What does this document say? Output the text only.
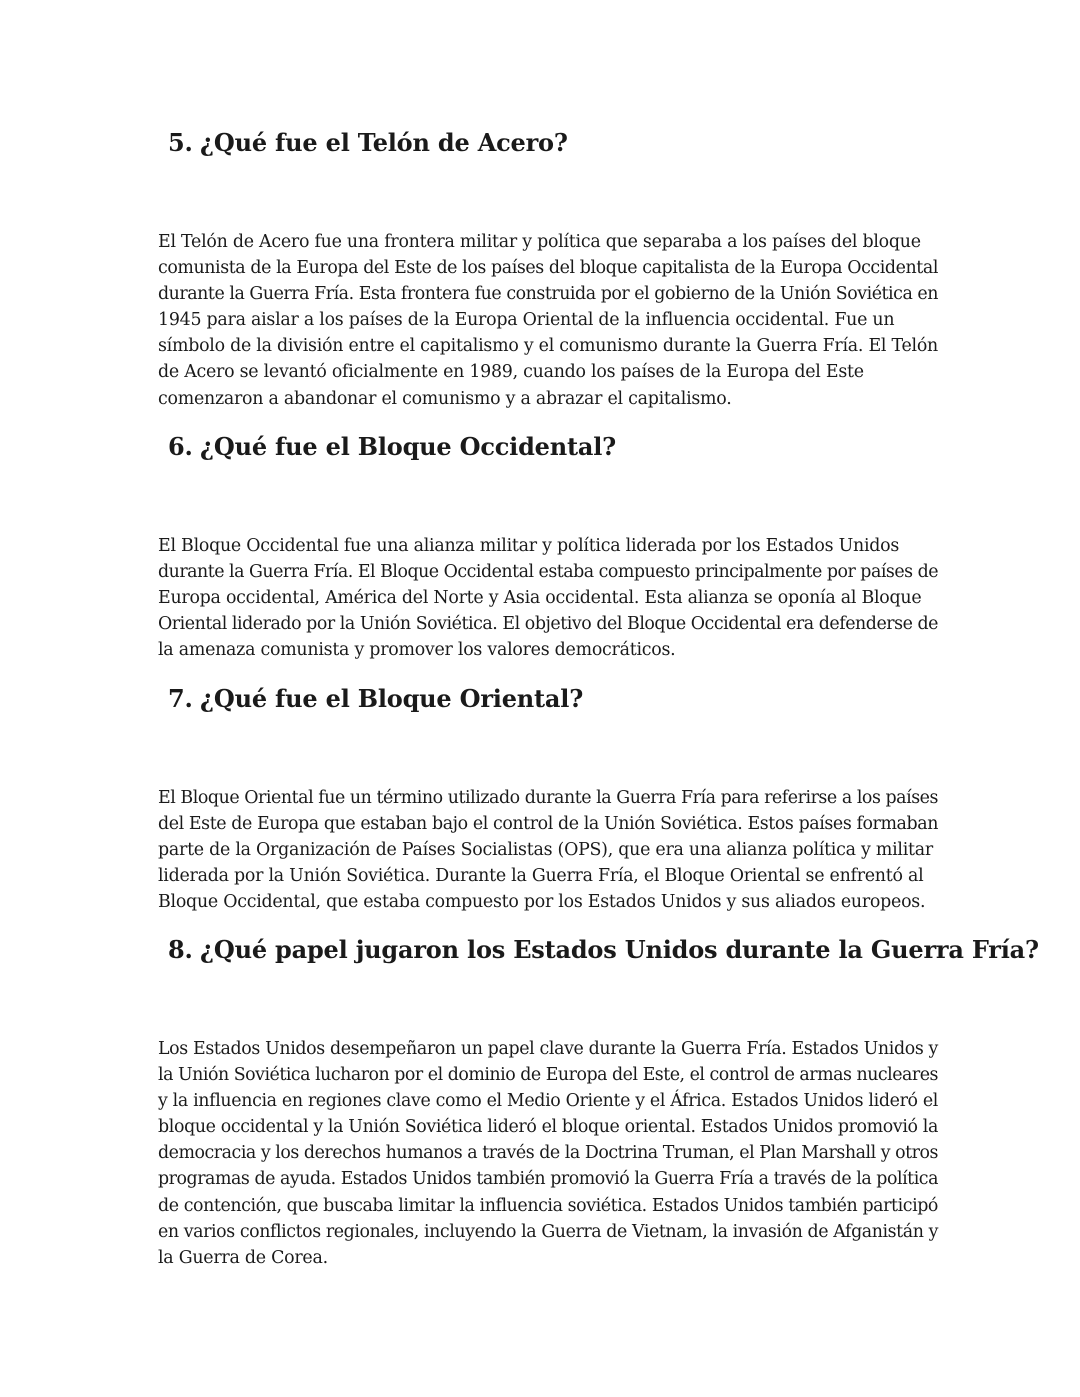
5. ¿Qué fue el Telón de Acero?

El Telón de Acero fue una frontera militar y política que separaba a los países del bloque
comunista de la Europa del Este de los países del bloque capitalista de la Europa Occidental
durante la Guerra Fría. Esta frontera fue construida por el gobierno de la Unión Soviética en
1945 para aislar a los países de la Europa Oriental de la influencia occidental. Fue un
símbolo de la división entre el capitalismo y el comunismo durante la Guerra Fría. El Telón
de Acero se levantó oficialmente en 1989, cuando los países de la Europa del Este
comenzaron a abandonar el comunismo y a abrazar el capitalismo.

6. ¿Qué fue el Bloque Occidental?

El Bloque Occidental fue una alianza militar y política liderada por los Estados Unidos
durante la Guerra Fría. El Bloque Occidental estaba compuesto principalmente por países de
Europa occidental, América del Norte y Asia occidental. Esta alianza se oponía al Bloque
Oriental liderado por la Unión Soviética. El objetivo del Bloque Occidental era defenderse de
la amenaza comunista y promover los valores democráticos.

7. ¿Qué fue el Bloque Oriental?

El Bloque Oriental fue un término utilizado durante la Guerra Fría para referirse a los países
del Este de Europa que estaban bajo el control de la Unión Soviética. Estos países formaban
parte de la Organización de Países Socialistas (OPS), que era una alianza política y militar
liderada por la Unión Soviética. Durante la Guerra Fría, el Bloque Oriental se enfrentó al
Bloque Occidental, que estaba compuesto por los Estados Unidos y sus aliados europeos.

8. ¿Qué papel jugaron los Estados Unidos durante la Guerra Fría?

Los Estados Unidos desempeñaron un papel clave durante la Guerra Fría. Estados Unidos y
la Unión Soviética lucharon por el dominio de Europa del Este, el control de armas nucleares
y la influencia en regiones clave como el Medio Oriente y el África. Estados Unidos lideró el
bloque occidental y la Unión Soviética lideró el bloque oriental. Estados Unidos promovió la
democracia y los derechos humanos a través de la Doctrina Truman, el Plan Marshall y otros
programas de ayuda. Estados Unidos también promovió la Guerra Fría a través de la política
de contención, que buscaba limitar la influencia soviética. Estados Unidos también participó
en varios conflictos regionales, incluyendo la Guerra de Vietnam, la invasión de Afganistán y
la Guerra de Corea.
